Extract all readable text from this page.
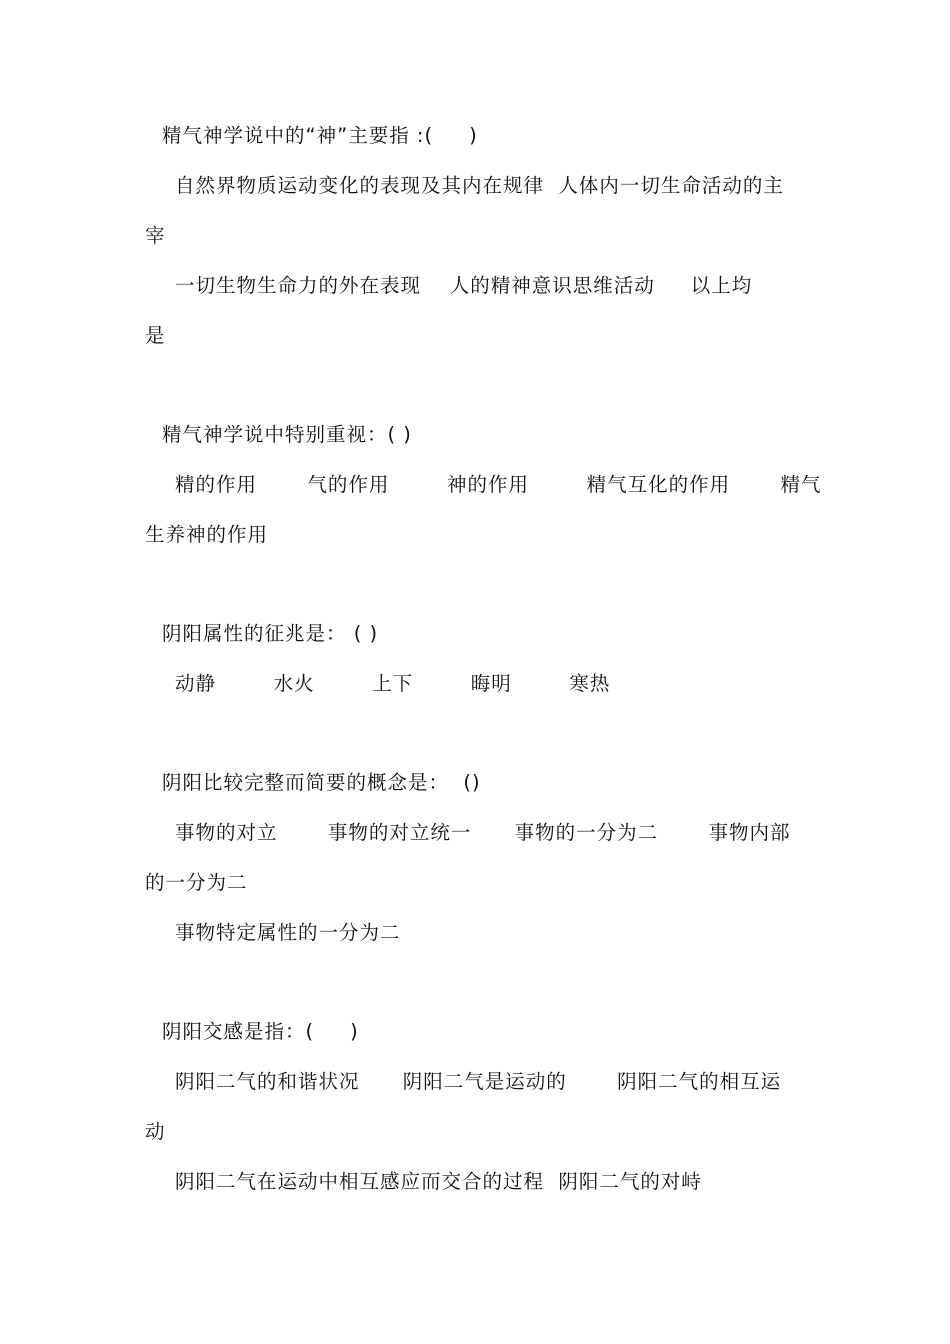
精气神学说中的“神”主要指 :(     )
自然界物质运动变化的表现及其内在规律  人体内一切生命活动的主
宰
一切生物生命力的外在表现    人的精神意识思维活动     以上均
是
精气神学说中特别重视：( )
精的作用       气的作用        神的作用        精气互化的作用       精气
生养神的作用
阴阳属性的征兆是： ( )
动静        水火        上下        晦明        寒热
阴阳比较完整而简要的概念是：  ()
事物的对立       事物的对立统一      事物的一分为二       事物内部
的一分为二
事物特定属性的一分为二
阴阳交感是指：(     )
阴阳二气的和谐状况      阴阳二气是运动的       阴阳二气的相互运
动
阴阳二气在运动中相互感应而交合的过程  阴阳二气的对峙
